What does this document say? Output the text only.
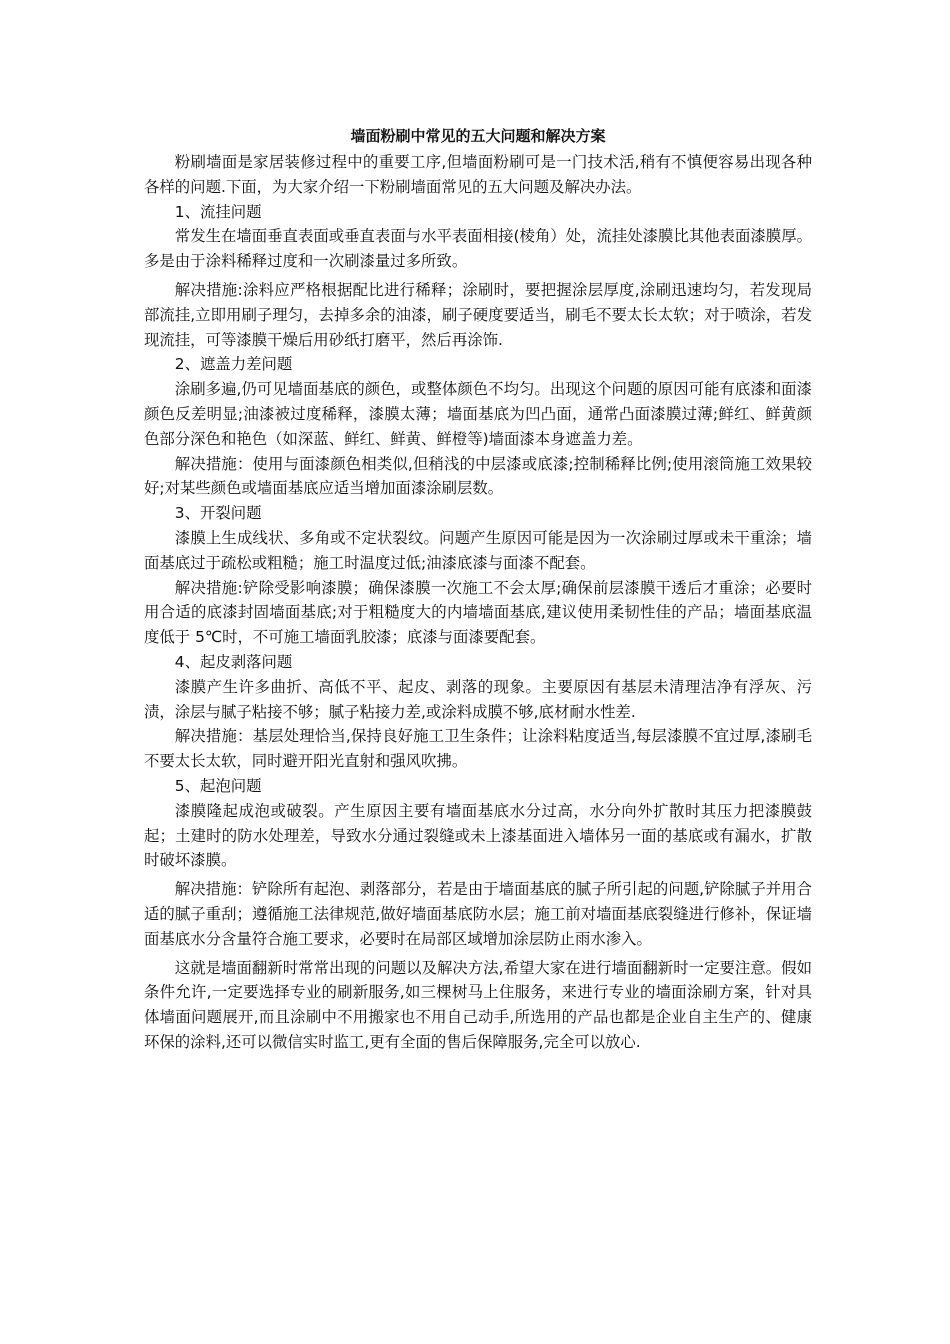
墙面粉刷中常见的五大问题和解决方案

粉刷墙面是家居装修过程中的重要工序,但墙面粉刷可是一门技术活,稍有不慎便容易出现各种各样的问题.下面，为大家介绍一下粉刷墙面常见的五大问题及解决办法。

1、流挂问题

常发生在墙面垂直表面或垂直表面与水平表面相接(棱角）处，流挂处漆膜比其他表面漆膜厚。多是由于涂料稀释过度和一次刷漆量过多所致。

解决措施:涂料应严格根据配比进行稀释；涂刷时，要把握涂层厚度,涂刷迅速均匀，若发现局部流挂,立即用刷子理匀，去掉多余的油漆，刷子硬度要适当，刷毛不要太长太软；对于喷涂，若发现流挂，可等漆膜干燥后用砂纸打磨平，然后再涂饰.

2、遮盖力差问题

涂刷多遍,仍可见墙面基底的颜色，或整体颜色不均匀。出现这个问题的原因可能有底漆和面漆颜色反差明显;油漆被过度稀释，漆膜太薄；墙面基底为凹凸面，通常凸面漆膜过薄;鲜红、鲜黄颜色部分深色和艳色（如深蓝、鲜红、鲜黄、鲜橙等)墙面漆本身遮盖力差。

解决措施：使用与面漆颜色相类似,但稍浅的中层漆或底漆;控制稀释比例;使用滚筒施工效果较好;对某些颜色或墙面基底应适当增加面漆涂刷层数。

3、开裂问题

漆膜上生成线状、多角或不定状裂纹。问题产生原因可能是因为一次涂刷过厚或未干重涂；墙面基底过于疏松或粗糙；施工时温度过低;油漆底漆与面漆不配套。

解决措施:铲除受影响漆膜；确保漆膜一次施工不会太厚;确保前层漆膜干透后才重涂；必要时用合适的底漆封固墙面基底;对于粗糙度大的内墙墙面基底,建议使用柔韧性佳的产品；墙面基底温度低于 5℃时，不可施工墙面乳胶漆；底漆与面漆要配套。

4、起皮剥落问题

漆膜产生许多曲折、高低不平、起皮、剥落的现象。主要原因有基层未清理洁净有浮灰、污渍，涂层与腻子粘接不够；腻子粘接力差,或涂料成膜不够,底材耐水性差.

解决措施：基层处理恰当,保持良好施工卫生条件；让涂料粘度适当,每层漆膜不宜过厚,漆刷毛不要太长太软，同时避开阳光直射和强风吹拂。

5、起泡问题

漆膜隆起成泡或破裂。产生原因主要有墙面基底水分过高，水分向外扩散时其压力把漆膜鼓起；土建时的防水处理差，导致水分通过裂缝或未上漆基面进入墙体另一面的基底或有漏水，扩散时破坏漆膜。

解决措施：铲除所有起泡、剥落部分，若是由于墙面基底的腻子所引起的问题,铲除腻子并用合适的腻子重刮；遵循施工法律规范,做好墙面基底防水层；施工前对墙面基底裂缝进行修补，保证墙面基底水分含量符合施工要求，必要时在局部区域增加涂层防止雨水渗入。

这就是墙面翻新时常常出现的问题以及解决方法,希望大家在进行墙面翻新时一定要注意。假如条件允许,一定要选择专业的刷新服务,如三棵树马上住服务，来进行专业的墙面涂刷方案，针对具体墙面问题展开,而且涂刷中不用搬家也不用自己动手,所选用的产品也都是企业自主生产的、健康环保的涂料,还可以微信实时监工,更有全面的售后保障服务,完全可以放心.
